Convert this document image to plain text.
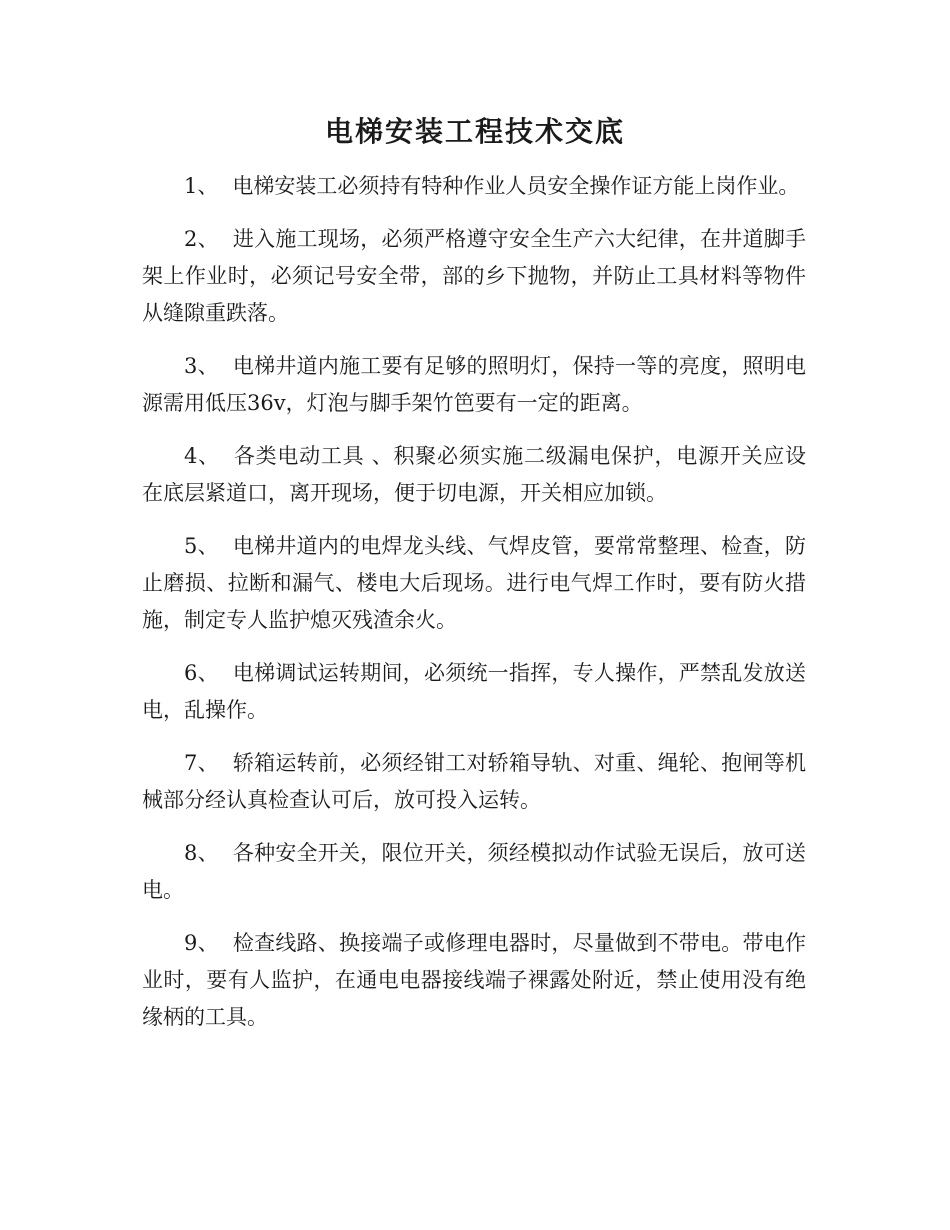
电梯安装工程技术交底

1、 电梯安装工必须持有特种作业人员安全操作证方能上岗作业。

2、 进入施工现场，必须严格遵守安全生产六大纪律，在井道脚手架上作业时，必须记号安全带，部的乡下抛物，并防止工具材料等物件从缝隙重跌落。

3、 电梯井道内施工要有足够的照明灯，保持一等的亮度，照明电源需用低压36v，灯泡与脚手架竹笆要有一定的距离。

4、 各类电动工具 、积聚必须实施二级漏电保护，电源开关应设在底层紧道口，离开现场，便于切电源，开关相应加锁。

5、 电梯井道内的电焊龙头线、气焊皮管，要常常整理、检查，防止磨损、拉断和漏气、楼电大后现场。进行电气焊工作时，要有防火措施，制定专人监护熄灭残渣余火。

6、 电梯调试运转期间，必须统一指挥，专人操作，严禁乱发放送电，乱操作。

7、 轿箱运转前，必须经钳工对轿箱导轨、对重、绳轮、抱闸等机械部分经认真检查认可后，放可投入运转。

8、 各种安全开关，限位开关，须经模拟动作试验无误后，放可送电。

9、 检查线路、换接端子或修理电器时，尽量做到不带电。带电作业时，要有人监护，在通电电器接线端子裸露处附近，禁止使用没有绝缘柄的工具。
